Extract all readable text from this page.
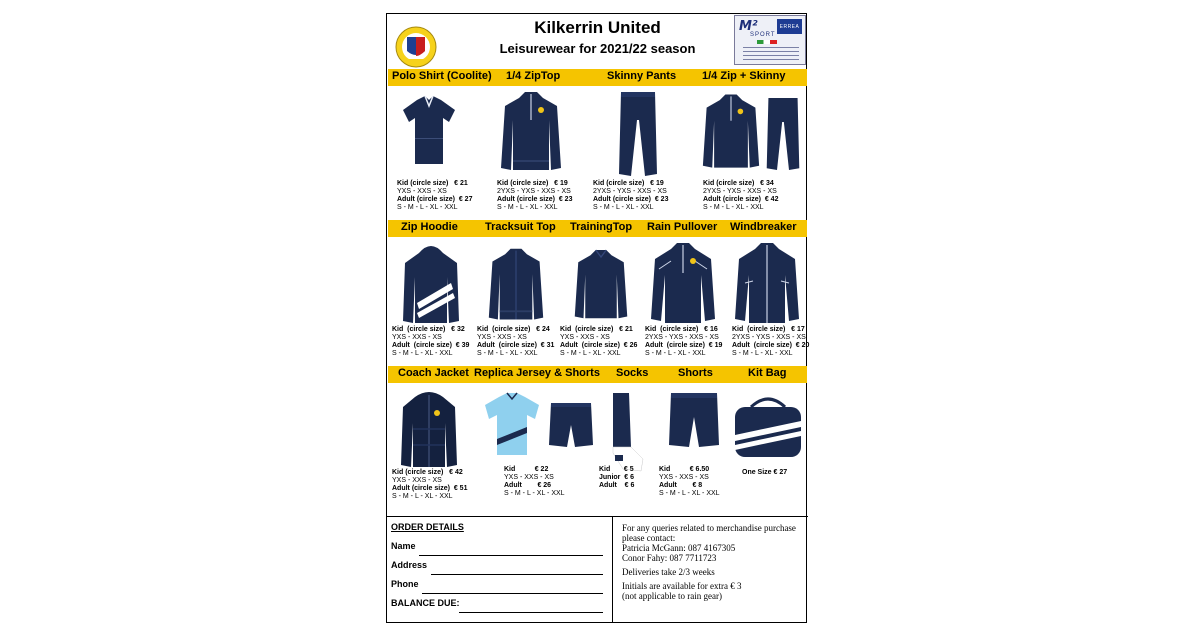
Kilkerrin United
Leisurewear for 2021/22 season
M²
SPORT
ERREA
Polo Shirt (Coolite) 1/4 ZipTop	Skinny Pants 1/4 Zip + Skinny
Kid (circle size)   € 21
YXS - XXS - XS
Adult (circle size)  € 27
S - M - L - XL - XXL
Kid (circle size)   € 19
2YXS - YXS - XXS - XS
Adult (circle size)  € 23
S - M - L - XL - XXL
Kid (circle size)   € 19
2YXS - YXS - XXS - XS
Adult (circle size)  € 23
S - M - L - XL - XXL
Kid (circle size)   € 34
2YXS - YXS - XXS - XS
Adult (circle size)  € 42
S - M - L - XL - XXL
Zip Hoodie Tracksuit Top TrainingTop Rain Pullover Windbreaker
Kid  (circle size)   € 32
YXS - XXS - XS
Adult  (circle size)  € 39
S - M - L - XL - XXL
Kid  (circle size)   € 24
YXS - XXS - XS
Adult  (circle size)  € 31
S - M - L - XL - XXL
Kid  (circle size)   € 21
YXS - XXS - XS
Adult  (circle size)  € 26
S - M - L - XL - XXL
Kid  (circle size)   € 16
2YXS - YXS - XXS - XS
Adult  (circle size)  € 19
S - M - L - XL - XXL
Kid  (circle size)   € 17
2YXS - YXS - XXS - XS
Adult  (circle size)  € 20
S - M - L - XL - XXL
Coach Jacket Replica Jersey & Shorts Socks	Shorts	Kit Bag
Kid (circle size)   € 42
YXS - XXS - XS
Adult (circle size)  € 51
S - M - L - XL - XXL
Kid          € 22
YXS - XXS - XS
Adult        € 26
S - M - L - XL - XXL
Kid       € 5
Junior  € 6
Adult    € 6
Kid          € 6.50
YXS - XXS - XS
Adult        € 8
S - M - L - XL - XXL
One Size € 27
ORDER DETAILS
Name
Address
Phone
BALANCE DUE:

For any queries related to merchandise purchase
please contact:
Patricia McGann: 087 4167305
Conor Fahy: 087 7711723

Deliveries take 2/3 weeks

Initials are available for extra € 3
(not applicable to rain gear)
